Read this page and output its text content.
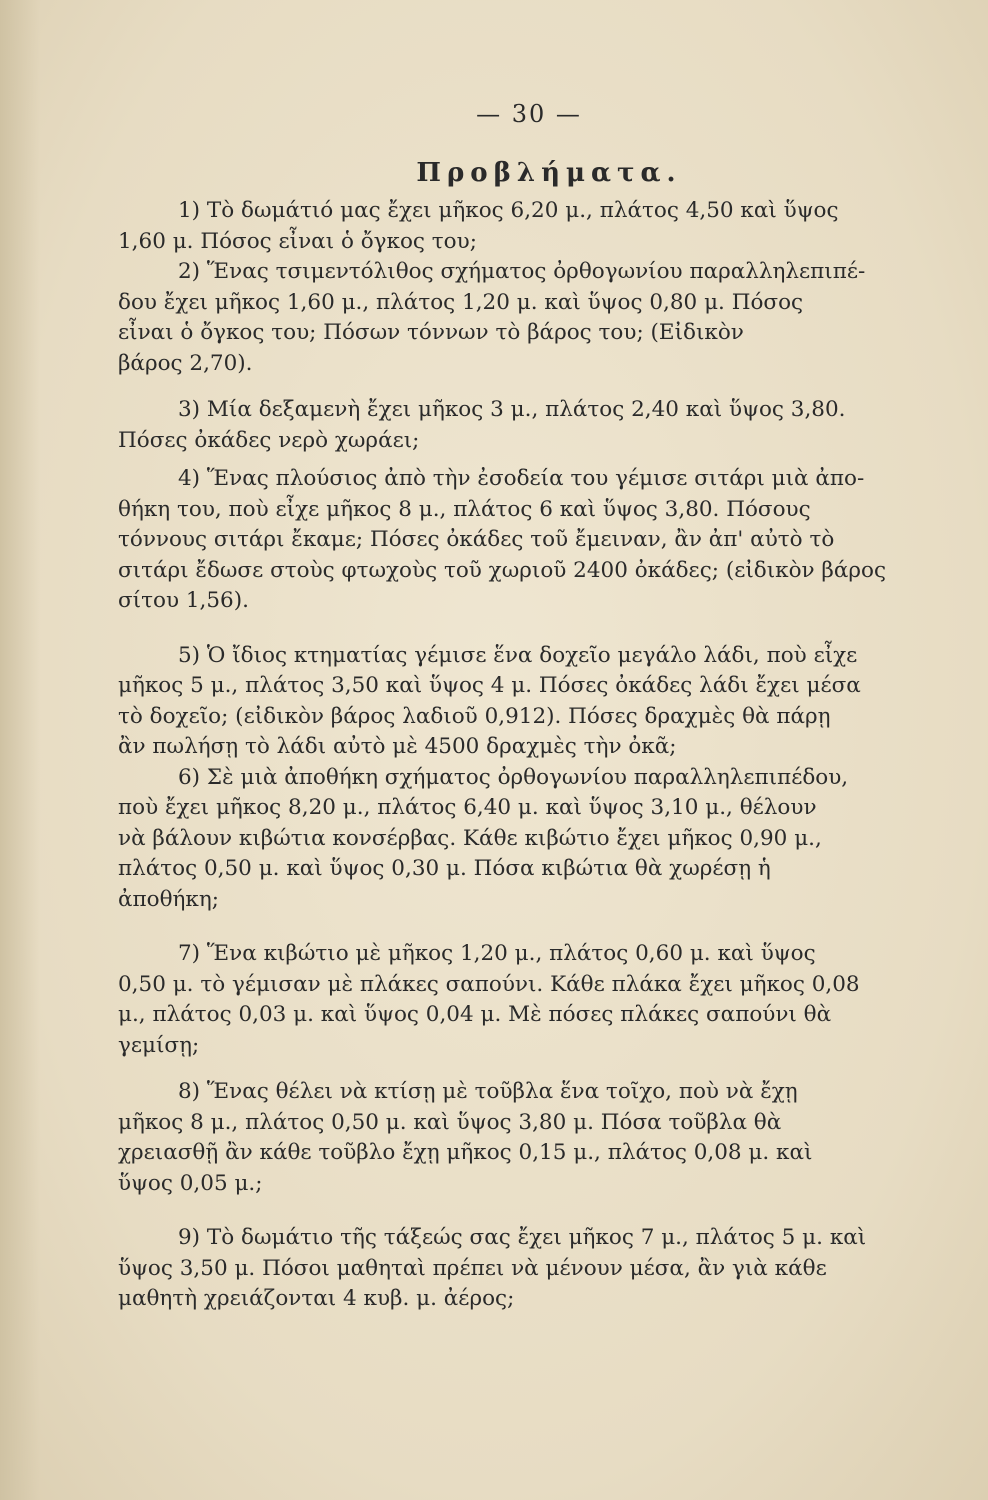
— 30 —
Προβλήματα.
1) Τὸ δωμάτιό μας ἔχει μῆκος 6,20 μ., πλάτος 4,50 καὶ ὕψος
1,60 μ. Πόσος εἶναι ὁ ὄγκος του;
2) Ἕνας τσιμεντόλιθος σχήματος ὀρθογωνίου παραλληλεπιπέ-
δου ἔχει μῆκος 1,60 μ., πλάτος 1,20 μ. καὶ ὕψος 0,80 μ. Πόσος
εἶναι ὁ ὄγκος του; Πόσων τόννων τὸ βάρος του; (Εἰδικὸν
βάρος 2,70).
3) Μία δεξαμενὴ ἔχει μῆκος 3 μ., πλάτος 2,40 καὶ ὕψος 3,80.
Πόσες ὀκάδες νερὸ χωράει;
4) Ἕνας πλούσιος ἀπὸ τὴν ἐσοδεία του γέμισε σιτάρι μιὰ ἀπο-
θήκη του, ποὺ εἶχε μῆκος 8 μ., πλάτος 6 καὶ ὕψος 3,80. Πόσους
τόννους σιτάρι ἔκαμε; Πόσες ὀκάδες τοῦ ἔμειναν, ἂν ἀπ' αὐτὸ τὸ
σιτάρι ἔδωσε στοὺς φτωχοὺς τοῦ χωριοῦ 2400 ὀκάδες; (εἰδικὸν βάρος
σίτου 1,56).
5) Ὁ ἴδιος κτηματίας γέμισε ἕνα δοχεῖο μεγάλο λάδι, ποὺ εἶχε
μῆκος 5 μ., πλάτος 3,50 καὶ ὕψος 4 μ. Πόσες ὀκάδες λάδι ἔχει μέσα
τὸ δοχεῖο; (εἰδικὸν βάρος λαδιοῦ 0,912). Πόσες δραχμὲς θὰ πάρῃ
ἂν πωλήσῃ τὸ λάδι αὐτὸ μὲ 4500 δραχμὲς τὴν ὀκᾶ;
6) Σὲ μιὰ ἀποθήκη σχήματος ὀρθογωνίου παραλληλεπιπέδου,
ποὺ ἔχει μῆκος 8,20 μ., πλάτος 6,40 μ. καὶ ὕψος 3,10 μ., θέλουν
νὰ βάλουν κιβώτια κονσέρβας. Κάθε κιβώτιο ἔχει μῆκος 0,90 μ.,
πλάτος 0,50 μ. καὶ ὕψος 0,30 μ. Πόσα κιβώτια θὰ χωρέσῃ ἡ
ἀποθήκη;
7) Ἕνα κιβώτιο μὲ μῆκος 1,20 μ., πλάτος 0,60 μ. καὶ ὕψος
0,50 μ. τὸ γέμισαν μὲ πλάκες σαπούνι. Κάθε πλάκα ἔχει μῆκος 0,08
μ., πλάτος 0,03 μ. καὶ ὕψος 0,04 μ. Μὲ πόσες πλάκες σαπούνι θὰ
γεμίσῃ;
8) Ἕνας θέλει νὰ κτίσῃ μὲ τοῦβλα ἕνα τοῖχο, ποὺ νὰ ἔχῃ
μῆκος 8 μ., πλάτος 0,50 μ. καὶ ὕψος 3,80 μ. Πόσα τοῦβλα θὰ
χρειασθῇ ἂν κάθε τοῦβλο ἔχῃ μῆκος 0,15 μ., πλάτος 0,08 μ. καὶ
ὕψος 0,05 μ.;
9) Τὸ δωμάτιο τῆς τάξεώς σας ἔχει μῆκος 7 μ., πλάτος 5 μ. καὶ
ὕψος 3,50 μ. Πόσοι μαθηταὶ πρέπει νὰ μένουν μέσα, ἂν γιὰ κάθε
μαθητὴ χρειάζονται 4 κυβ. μ. ἀέρος;
